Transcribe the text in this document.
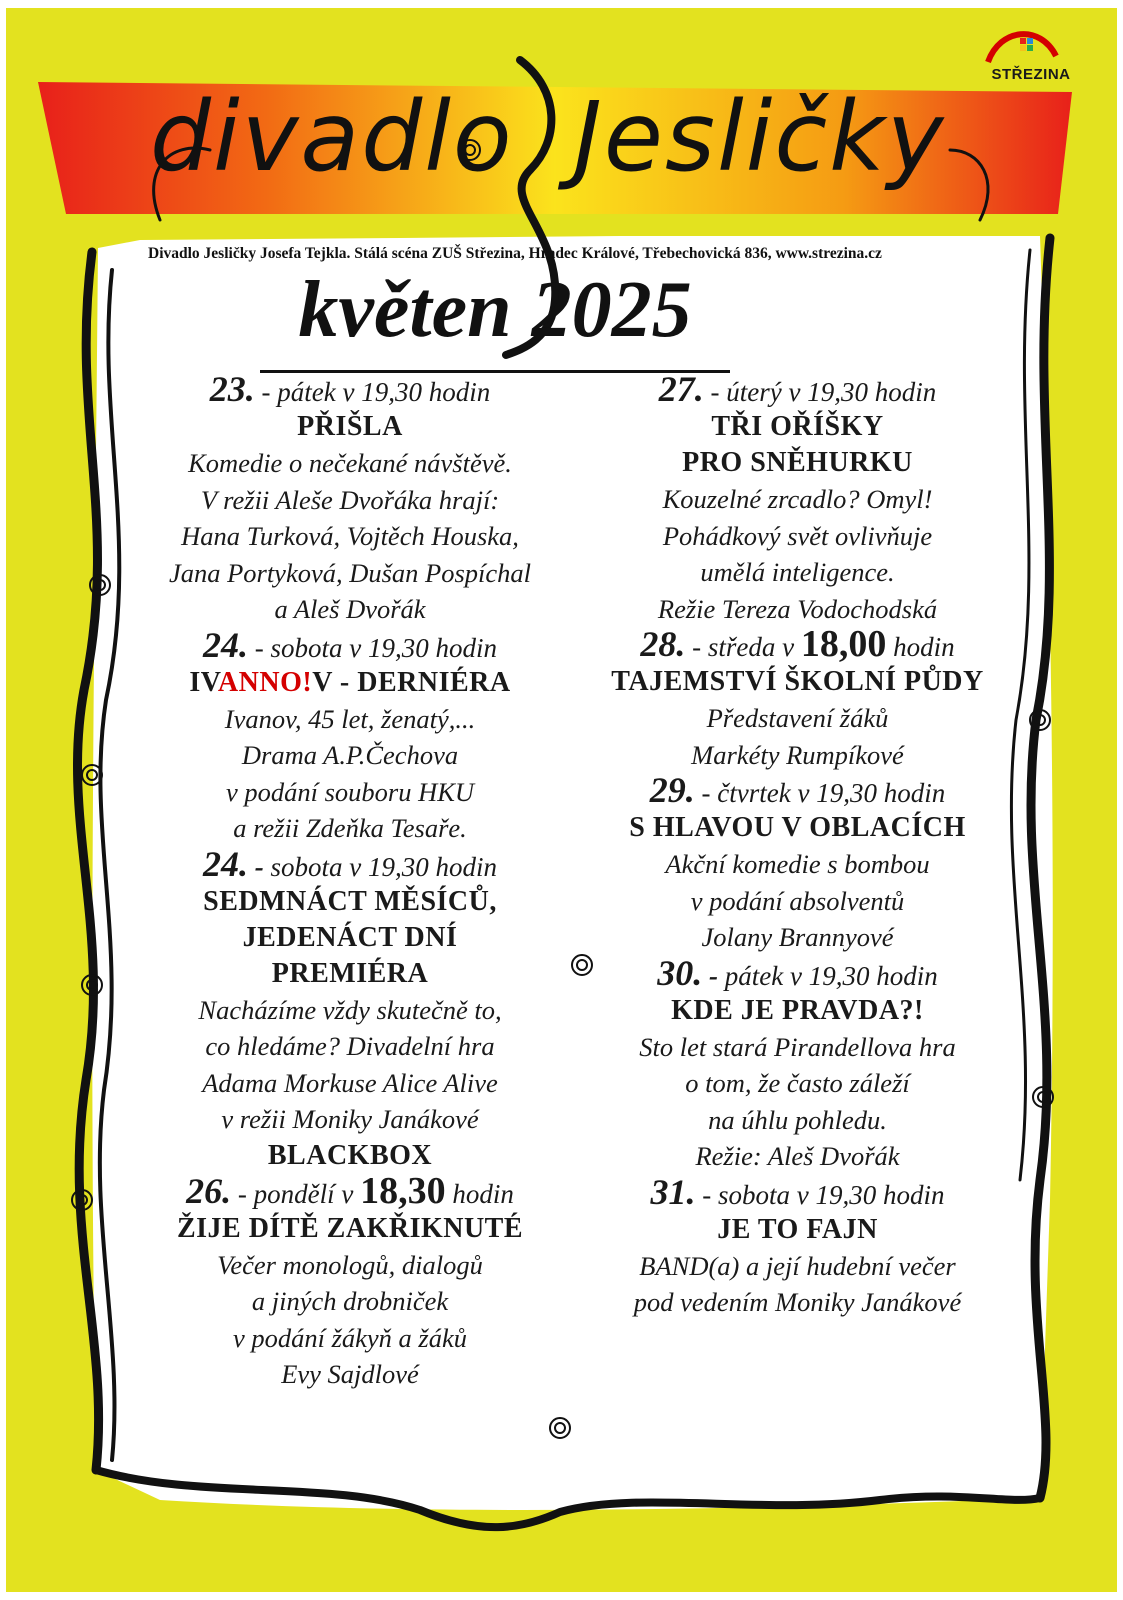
divadlo Jesličky
STŘEZINA
Divadlo Jesličky Josefa Tejkla. Stálá scéna ZUŠ Střezina, Hradec Králové, Třebechovická 836, www.strezina.cz
květen 2025
23. - pátek v 19,30 hodin
PŘIŠLA
Komedie o nečekané návštěvě.
V režii Aleše Dvořáka hrají:
Hana Turková, Vojtěch Houska,
Jana Portyková, Dušan Pospíchal
a Aleš Dvořák
24. - sobota v 19,30 hodin
IVANNO!V - DERNIÉRA
Ivanov, 45 let, ženatý,...
Drama A.P.Čechova
v podání souboru HKU
a režii Zdeňka Tesaře.
24. - sobota v 19,30 hodin
SEDMNÁCT MĚSÍCŮ,
JEDENÁCT DNÍ
PREMIÉRA
Nacházíme vždy skutečně to,
co hledáme? Divadelní hra
Adama Morkuse Alice Alive
v režii Moniky Janákové
BLACKBOX
26. - pondělí v 18,30 hodin
ŽIJE DÍTĚ ZAKŘIKNUTÉ
Večer monologů, dialogů
a jiných drobniček
v podání žákyň a žáků
Evy Sajdlové
27. - úterý v 19,30 hodin
TŘI OŘÍŠKY
PRO SNĚHURKU
Kouzelné zrcadlo? Omyl!
Pohádkový svět ovlivňuje
umělá inteligence.
Režie Tereza Vodochodská
28. - středa v 18,00 hodin
TAJEMSTVÍ ŠKOLNÍ PŮDY
Představení žáků
Markéty Rumpíkové
29. - čtvrtek v 19,30 hodin
S HLAVOU V OBLACÍCH
Akční komedie s bombou
v podání absolventů
Jolany Brannyové
30. - pátek v 19,30 hodin
KDE JE PRAVDA?!
Sto let stará Pirandellova hra
o tom, že často záleží
na úhlu pohledu.
Režie: Aleš Dvořák
31. - sobota v 19,30 hodin
JE TO FAJN
BAND(a) a její hudební večer
pod vedením Moniky Janákové
